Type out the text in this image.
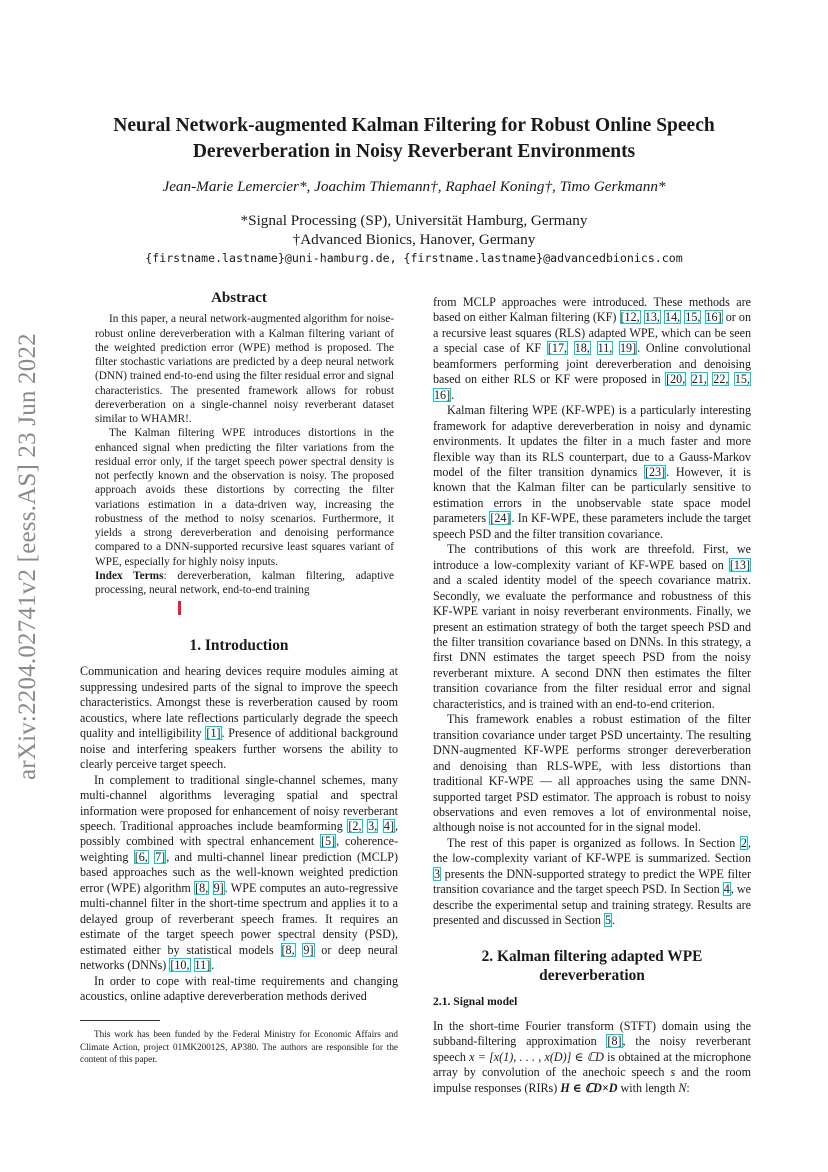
arXiv:2204.02741v2 [eess.AS] 23 Jun 2022
Neural Network-augmented Kalman Filtering for Robust Online Speech
Dereverberation in Noisy Reverberant Environments
Jean-Marie Lemercier*, Joachim Thiemann†, Raphael Koning†, Timo Gerkmann*
*Signal Processing (SP), Universität Hamburg, Germany
†Advanced Bionics, Hanover, Germany
{firstname.lastname}@uni-hamburg.de, {firstname.lastname}@advancedbionics.com
Abstract

In this paper, a neural network-augmented algorithm for noise-robust online dereverberation with a Kalman filtering variant of the weighted prediction error (WPE) method is proposed. The filter stochastic variations are predicted by a deep neural network (DNN) trained end-to-end using the filter residual error and signal characteristics. The presented framework allows for robust dereverberation on a single-channel noisy reverberant dataset similar to WHAMR!.

The Kalman filtering WPE introduces distortions in the enhanced signal when predicting the filter variations from the residual error only, if the target speech power spectral density is not perfectly known and the observation is noisy. The proposed approach avoids these distortions by correcting the filter variations estimation in a data-driven way, increasing the robustness of the method to noisy scenarios. Furthermore, it yields a strong dereverberation and denoising performance compared to a DNN-supported recursive least squares variant of WPE, especially for highly noisy inputs.

Index Terms: dereverberation, kalman filtering, adaptive processing, neural network, end-to-end training

1. Introduction

Communication and hearing devices require modules aiming at suppressing undesired parts of the signal to improve the speech characteristics. Amongst these is reverberation caused by room acoustics, where late reflections particularly degrade the speech quality and intelligibility [1]. Presence of additional background noise and interfering speakers further worsens the ability to clearly perceive target speech.

In complement to traditional single-channel schemes, many multi-channel algorithms leveraging spatial and spectral information were proposed for enhancement of noisy reverberant speech. Traditional approaches include beamforming [2, 3, 4], possibly combined with spectral enhancement [5], coherence-weighting [6, 7], and multi-channel linear prediction (MCLP) based approaches such as the well-known weighted prediction error (WPE) algorithm [8, 9]. WPE computes an auto-regressive multi-channel filter in the short-time spectrum and applies it to a delayed group of reverberant speech frames. It requires an estimate of the target speech power spectral density (PSD), estimated either by statistical models [8, 9] or deep neural networks (DNNs) [10, 11].

In order to cope with real-time requirements and changing acoustics, online adaptive dereverberation methods derived

This work has been funded by the Federal Ministry for Economic Affairs and Climate Action, project 01MK20012S, AP380. The authors are responsible for the content of this paper.

from MCLP approaches were introduced. These methods are based on either Kalman filtering (KF) [12, 13, 14, 15, 16] or on a recursive least squares (RLS) adapted WPE, which can be seen a special case of KF [17, 18, 11, 19]. Online convolutional beamformers performing joint dereverberation and denoising based on either RLS or KF were proposed in [20, 21, 22, 15, 16].

Kalman filtering WPE (KF-WPE) is a particularly interesting framework for adaptive dereverberation in noisy and dynamic environments. It updates the filter in a much faster and more flexible way than its RLS counterpart, due to a Gauss-Markov model of the filter transition dynamics [23]. However, it is known that the Kalman filter can be particularly sensitive to estimation errors in the unobservable state space model parameters [24]. In KF-WPE, these parameters include the target speech PSD and the filter transition covariance.

The contributions of this work are threefold. First, we introduce a low-complexity variant of KF-WPE based on [13] and a scaled identity model of the speech covariance matrix. Secondly, we evaluate the performance and robustness of this KF-WPE variant in noisy reverberant environments. Finally, we present an estimation strategy of both the target speech PSD and the filter transition covariance based on DNNs. In this strategy, a first DNN estimates the target speech PSD from the noisy reverberant mixture. A second DNN then estimates the filter transition covariance from the filter residual error and signal characteristics, and is trained with an end-to-end criterion.

This framework enables a robust estimation of the filter transition covariance under target PSD uncertainty. The resulting DNN-augmented KF-WPE performs stronger dereverberation and denoising than RLS-WPE, with less distortions than traditional KF-WPE — all approaches using the same DNN-supported target PSD estimator. The approach is robust to noisy observations and even removes a lot of environmental noise, although noise is not accounted for in the signal model.

The rest of this paper is organized as follows. In Section 2, the low-complexity variant of KF-WPE is summarized. Section 3 presents the DNN-supported strategy to predict the WPE filter transition covariance and the target speech PSD. In Section 4, we describe the experimental setup and training strategy. Results are presented and discussed in Section 5.

2. Kalman filtering adapted WPE dereverberation
2.1. Signal model

In the short-time Fourier transform (STFT) domain using the subband-filtering approximation [8], the noisy reverberant speech x = [x(1), . . . , x(D)] ∈ ℂD is obtained at the microphone array by convolution of the anechoic speech s and the room impulse responses (RIRs) H ∈ ℂD×D with length N:
